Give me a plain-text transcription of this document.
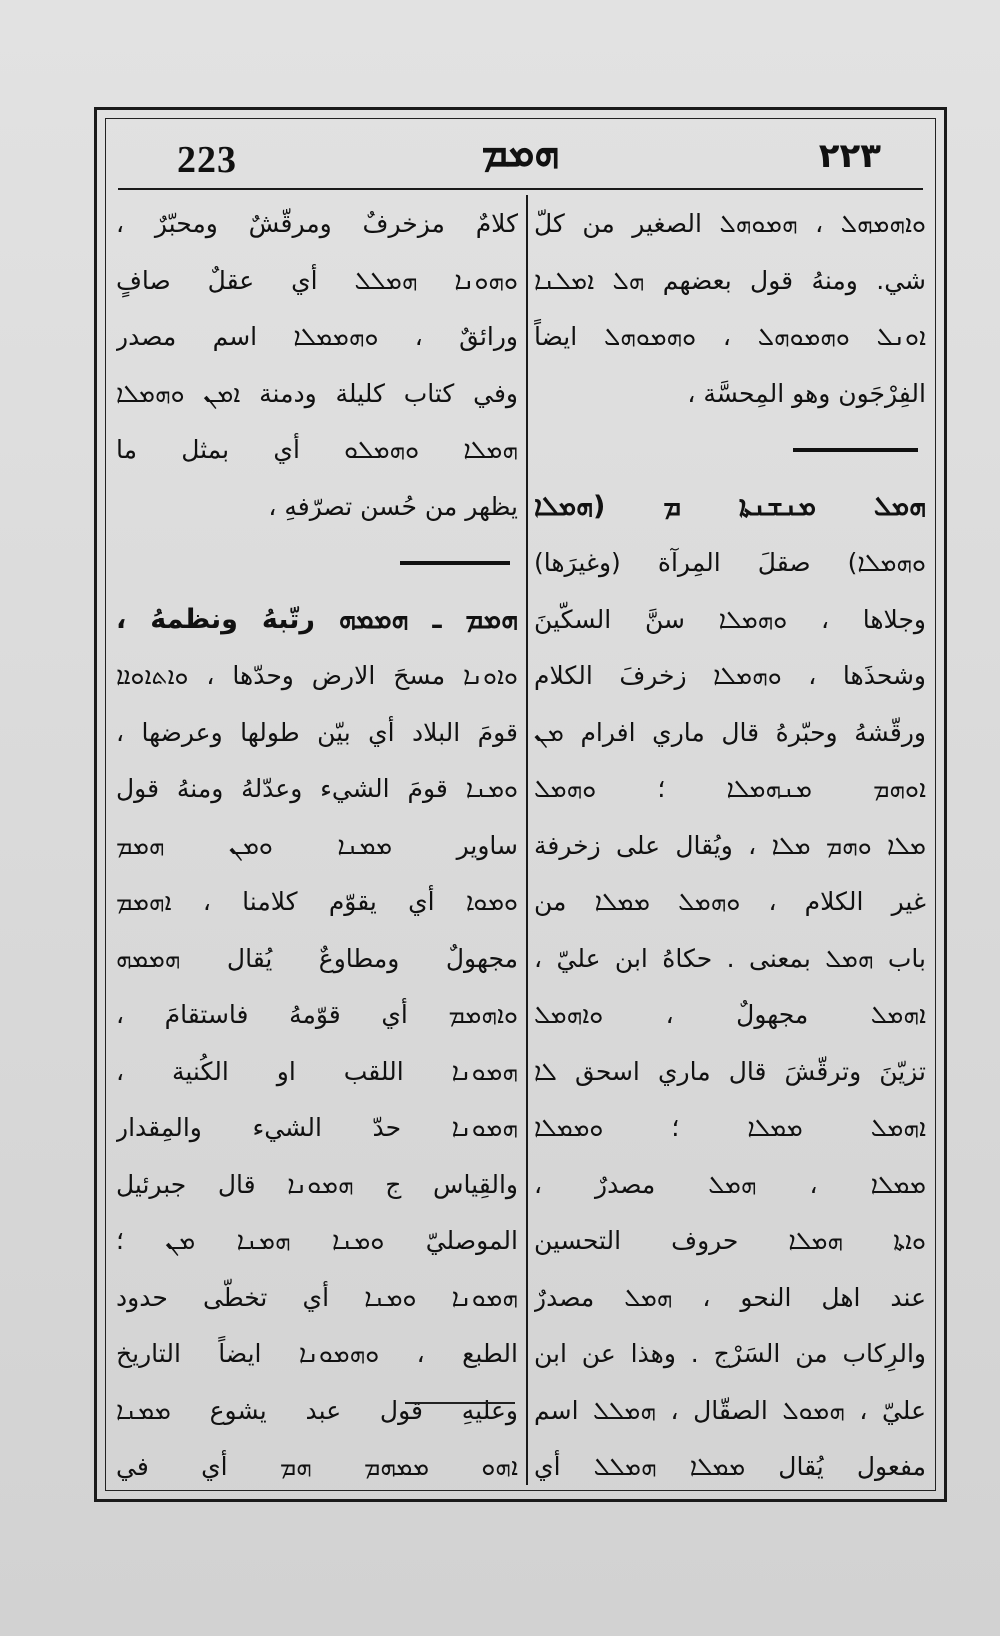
223	ܗܡܡ	٢٢٣
ܘܐܗܡܗܠ ، ܗܡܘܗܠ الصغير من كلّ
شي. ومنهُ قول بعضهم ܗܠ ܐܡܠܢܐ
ܐܘܢܠ ܘܗܡܘܗܠ ، ܘܗܡܘܗܠ ايضاً
الفِرْجَون وهو المِحسَّة ،
ܗܡܠ ܡܢܫܢܬܐ ܡ (ܗܡܠܐ
ܘܗܡܠܐ) صقلَ المِرآة (وغيرَها)
وجلاها ، ܘܗܡܠܐ سنَّ السكّينَ
وشحذَها ، ܘܗܡܠܐ زخرفَ الكلام
ورقّشهُ وحبّرهُ قال ماري افرام ܡܢ
ܐܘܗܡ ܡܢܗܡܠܐ ؛ ܘܗܡܠ
ܡܠܐ ܘܗܡ ܡܠܐ ، ويُقال على زخرفة
غير الكلام ، ܘܗܡܠ ܡܡܠܐ من
باب ܗܡܠ بمعنى . حكاهُ ابن عليّ ،
ܐܗܡܠ مجهولٌ ، ܘܐܗܡܠ
تزيّنَ وترقّشَ قال ماري اسحق ܠܐ
ܐܗܡܠ ܡܡܠܐ ؛ ܘܡܡܠܐ
ܡܡܠܐ ، ܗܡܠ مصدرٌ ،
ܘܐܬܐ ܗܡܠܐ حروف التحسين
عند اهل النحو ، ܗܡܠ مصدرٌ
والرِكاب من السَرْج . وهذا عن ابن
عليّ ، ܗܡܘܠ الصقّال ، ܗܡܠܠ اسم
مفعول يُقال ܡܡܠܐ ܗܡܠܠ أي
كلامٌ مزخرفٌ ومرقّشٌ ومحبّرٌ ،
ܘܗܘܢܐ ܗܡܠܠ أي عقلٌ صافٍ
ورائقٌ ، ܘܗܡܡܠܐ اسم مصدر
وفي كتاب كليلة ودمنة ܐܡܢ ܘܗܡܠܐ
ܗܡܠܐ ܘܗܡܠܘ أي بمثل ما
يظهر من حُسن تصرّفهِ ،
ܗܡܡ ـ ܗܡܡܗ رتّبهُ ونظمهُ ،
ܘܐܘܢܐ مسحَ الارض وحدّها ، ܘܐܬܐܘܐܐ
قومَ البلاد أي بيّن طولها وعرضها ،
ܘܡܢܐ قومَ الشيء وعدّلهُ ومنهُ قول
ساوير ܡܡܢܐ ܘܡܢ ܗܡܡ
ܘܡܘܐ أي يقوّم كلامنا ، ܐܗܡܡ
مجهولٌ ومطاوعٌ يُقال ܗܡܡܗ
ܘܐܗܡܡ أي قوّمهُ فاستقامَ ،
ܗܡܘܢܐ اللقب او الكُنية ،
ܗܡܘܢܐ حدّ الشيء والمِقدار
والقِياس ج ܗܡܘܢܐ قال جبرئيل
الموصليّ ܘܡܢܐ ܗܡܢܐ ܡܢ ؛
ܗܡܘܢܐ ܘܡܢܐ أي تخطّى حدود
الطبع ، ܘܗܡܘܢܐ ايضاً التاريخ
وعليهِ قول عبد يشوع ܡܡܢܐ
ܐܗܘ ܡܡܗܡ ܗܡ أي في
